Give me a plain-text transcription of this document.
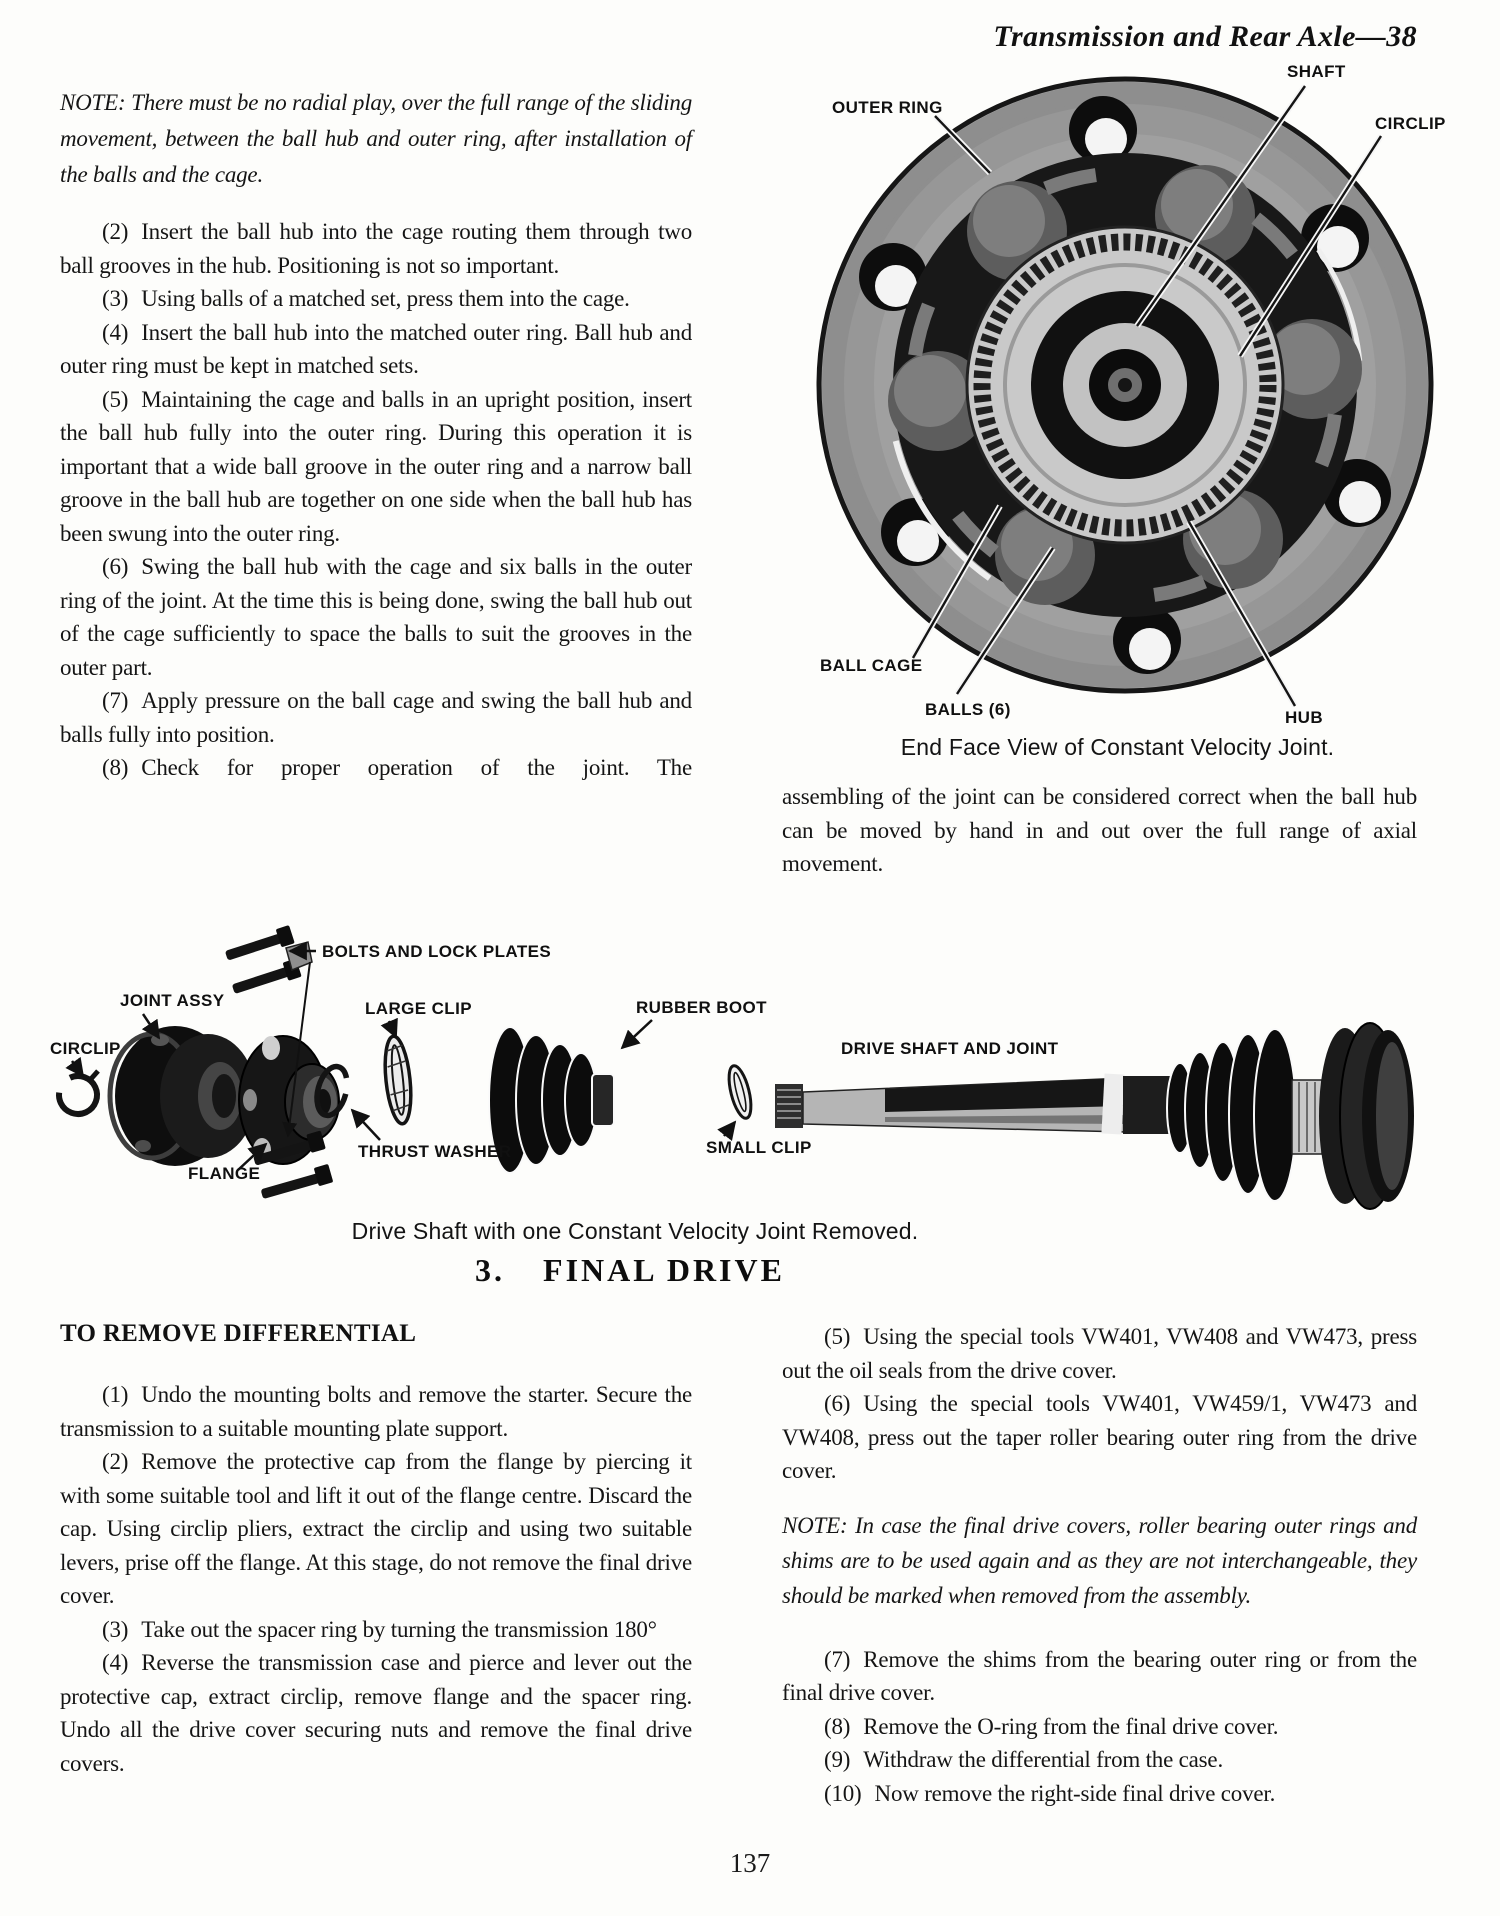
Transmission and Rear Axle—38

NOTE: There must be no radial play, over the full range of the sliding movement, between the ball hub and outer ring, after installation of the balls and the cage.

(2) Insert the ball hub into the cage routing them through two ball grooves in the hub. Positioning is not so important.

(3) Using balls of a matched set, press them into the cage.

(4) Insert the ball hub into the matched outer ring. Ball hub and outer ring must be kept in matched sets.

(5) Maintaining the cage and balls in an upright position, insert the ball hub fully into the outer ring. During this operation it is important that a wide ball groove in the outer ring and a narrow ball groove in the ball hub are together on one side when the ball hub has been swung into the outer ring.

(6) Swing the ball hub with the cage and six balls in the outer ring of the joint. At the time this is being done, swing the ball hub out of the cage sufficiently to space the balls to suit the grooves in the outer part.

(7) Apply pressure on the ball cage and swing the ball hub and balls fully into position.

(8) Check for proper operation of the joint. The

OUTER RING
SHAFT
CIRCLIP
BALL CAGE
BALLS (6)	HUB
End Face View of Constant Velocity Joint.

assembling of the joint can be considered correct when the ball hub can be moved by hand in and out over the full range of axial movement.

BOLTS AND LOCK PLATES
JOINT ASSY
CIRCLIP
LARGE CLIP	RUBBER BOOT
DRIVE SHAFT AND JOINT
THRUST WASHER	SMALL CLIP
FLANGE
Drive Shaft with one Constant Velocity Joint Removed.
3. FINAL DRIVE
TO REMOVE DIFFERENTIAL

(1) Undo the mounting bolts and remove the starter. Secure the transmission to a suitable mounting plate support.

(2) Remove the protective cap from the flange by piercing it with some suitable tool and lift it out of the flange centre. Discard the cap. Using circlip pliers, extract the circlip and using two suitable levers, prise off the flange. At this stage, do not remove the final drive cover.

(3) Take out the spacer ring by turning the transmission 180°

(4) Reverse the transmission case and pierce and lever out the protective cap, extract circlip, remove flange and the spacer ring. Undo all the drive cover securing nuts and remove the final drive covers.

(5) Using the special tools VW401, VW408 and VW473, press out the oil seals from the drive cover.

(6) Using the special tools VW401, VW459/1, VW473 and VW408, press out the taper roller bearing outer ring from the drive cover.

NOTE: In case the final drive covers, roller bearing outer rings and shims are to be used again and as they are not interchangeable, they should be marked when removed from the assembly.

(7) Remove the shims from the bearing outer ring or from the final drive cover.

(8) Remove the O-ring from the final drive cover.

(9) Withdraw the differential from the case.

(10) Now remove the right-side final drive cover.

137
